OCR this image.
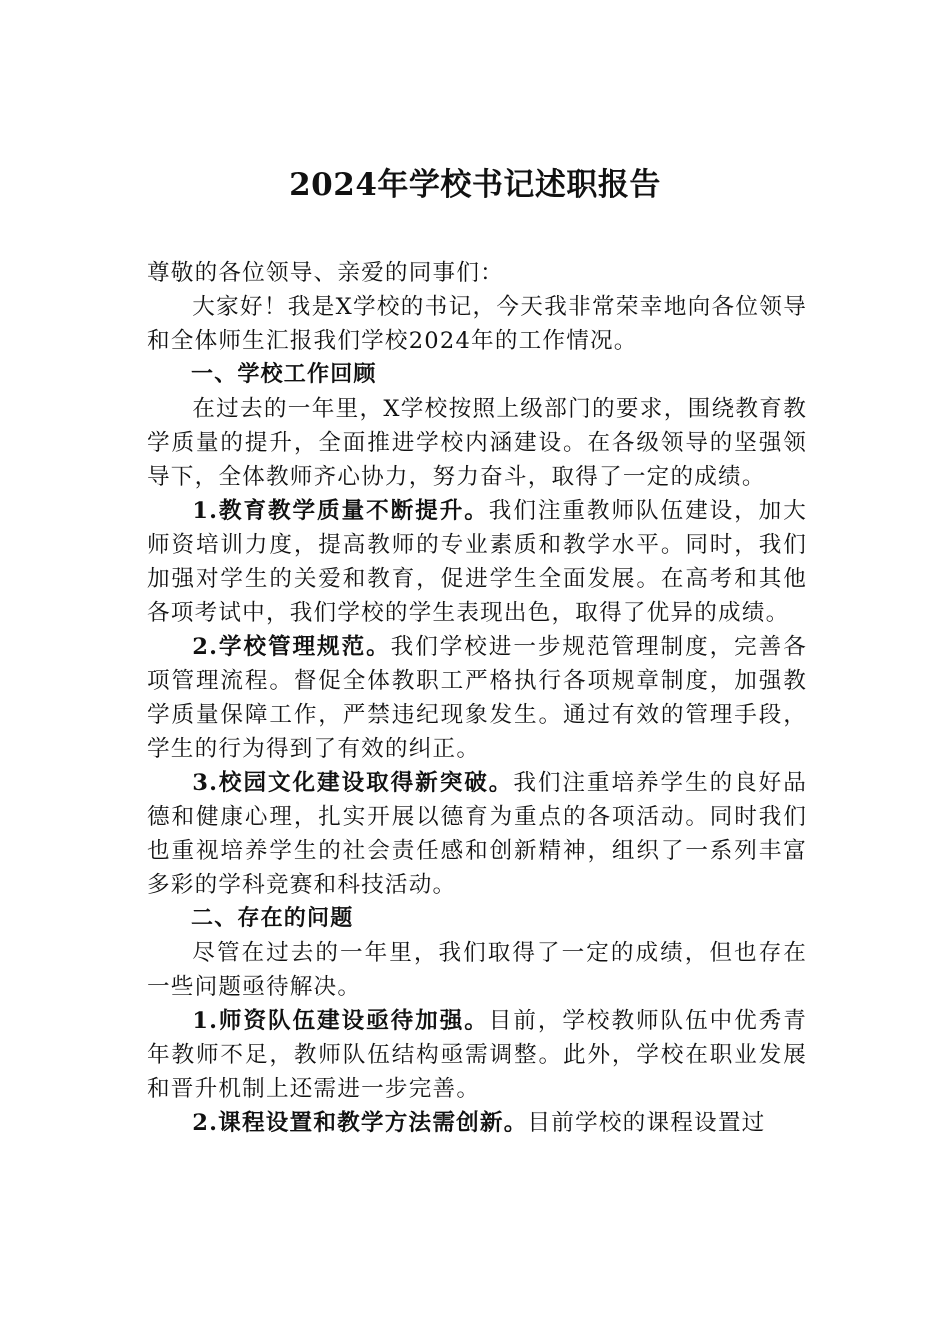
2024年学校书记述职报告

尊敬的各位领导、亲爱的同事们：

大家好！我是X学校的书记，今天我非常荣幸地向各位领导和全体师生汇报我们学校2024年的工作情况。

一、学校工作回顾

在过去的一年里，X学校按照上级部门的要求，围绕教育教学质量的提升，全面推进学校内涵建设。在各级领导的坚强领导下，全体教师齐心协力，努力奋斗，取得了一定的成绩。

1.教育教学质量不断提升。我们注重教师队伍建设，加大师资培训力度，提高教师的专业素质和教学水平。同时，我们加强对学生的关爱和教育，促进学生全面发展。在高考和其他各项考试中，我们学校的学生表现出色，取得了优异的成绩。

2.学校管理规范。我们学校进一步规范管理制度，完善各项管理流程。督促全体教职工严格执行各项规章制度，加强教学质量保障工作，严禁违纪现象发生。通过有效的管理手段，学生的行为得到了有效的纠正。

3.校园文化建设取得新突破。我们注重培养学生的良好品德和健康心理，扎实开展以德育为重点的各项活动。同时我们也重视培养学生的社会责任感和创新精神，组织了一系列丰富多彩的学科竞赛和科技活动。

二、存在的问题

尽管在过去的一年里，我们取得了一定的成绩，但也存在一些问题亟待解决。

1.师资队伍建设亟待加强。目前，学校教师队伍中优秀青年教师不足，教师队伍结构亟需调整。此外，学校在职业发展和晋升机制上还需进一步完善。

2.课程设置和教学方法需创新。目前学校的课程设置过
